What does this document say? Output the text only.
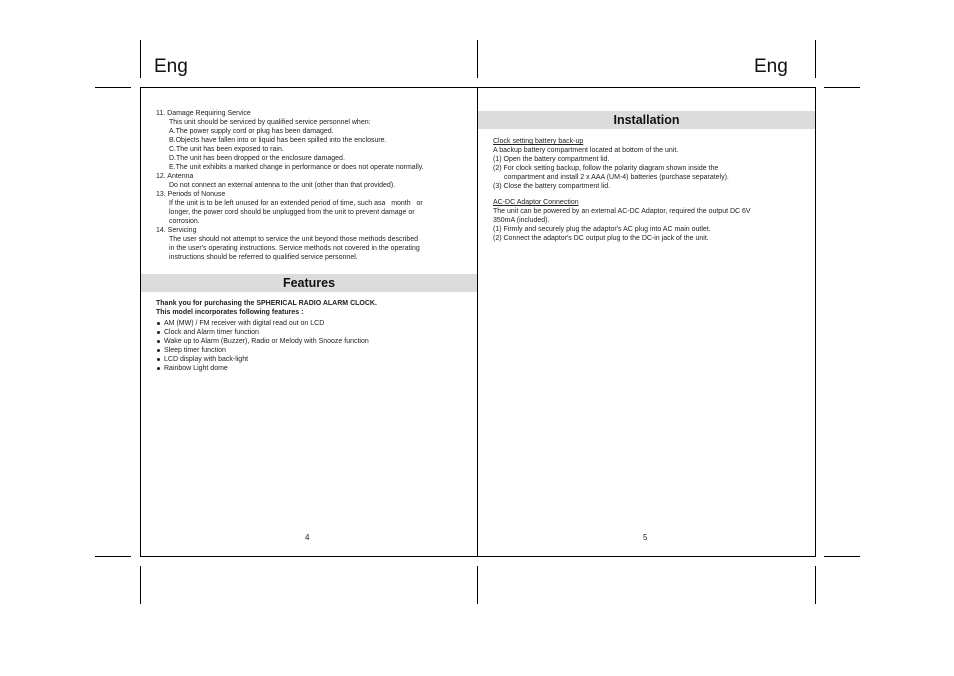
Eng	Eng
11. Damage Requiring Service
This unit should be serviced by qualified service personnel when:
A.The power supply cord or plug has been damaged.
B.Objects have fallen into or liquid has been spilled into the enclosure.
C.The unit has been exposed to rain.
D.The unit has been dropped or the enclosure damaged.
E.The unit exhibits a marked change in performance or does not operate normally.
12. Antenna
Do not connect an external antenna to the unit (other than that provided).
13. Periods of Nonuse
If the unit is to be left unused for an extended period of time, such asa   month   or
longer, the power cord should be unplugged from the unit to prevent damage or
corrosion.
14. Servicing
The user should not attempt to service the unit beyond those methods described
in the user's operating instructions. Service methods not covered in the operating
instructions should be referred to qualified service personnel.
Features
Thank you for purchasing the SPHERICAL RADIO ALARM CLOCK.
This model incorporates following features :
AM (MW) / FM receiver with digital read out on LCD
Clock and Alarm timer function
Wake up to Alarm (Buzzer), Radio or Melody with Snooze function
Sleep timer function
LCD display with back-light
Rainbow Light dome
4
Installation
Clock setting battery back-up
A backup battery compartment located at bottom of the unit.
(1) Open the battery compartment lid.
(2) For clock setting backup, follow the polarity diagram shown inside the
compartment and install 2 x AAA (UM-4) batteries (purchase separately).
(3) Close the battery compartment lid.
AC-DC Adaptor Connection
The unit can be powered by an external AC-DC Adaptor, required the output DC 6V
350mA (included).
(1) Firmly and securely plug the adaptor's AC plug into AC main outlet.
(2) Connect the adaptor's DC output plug to the DC-in jack of the unit.
5
